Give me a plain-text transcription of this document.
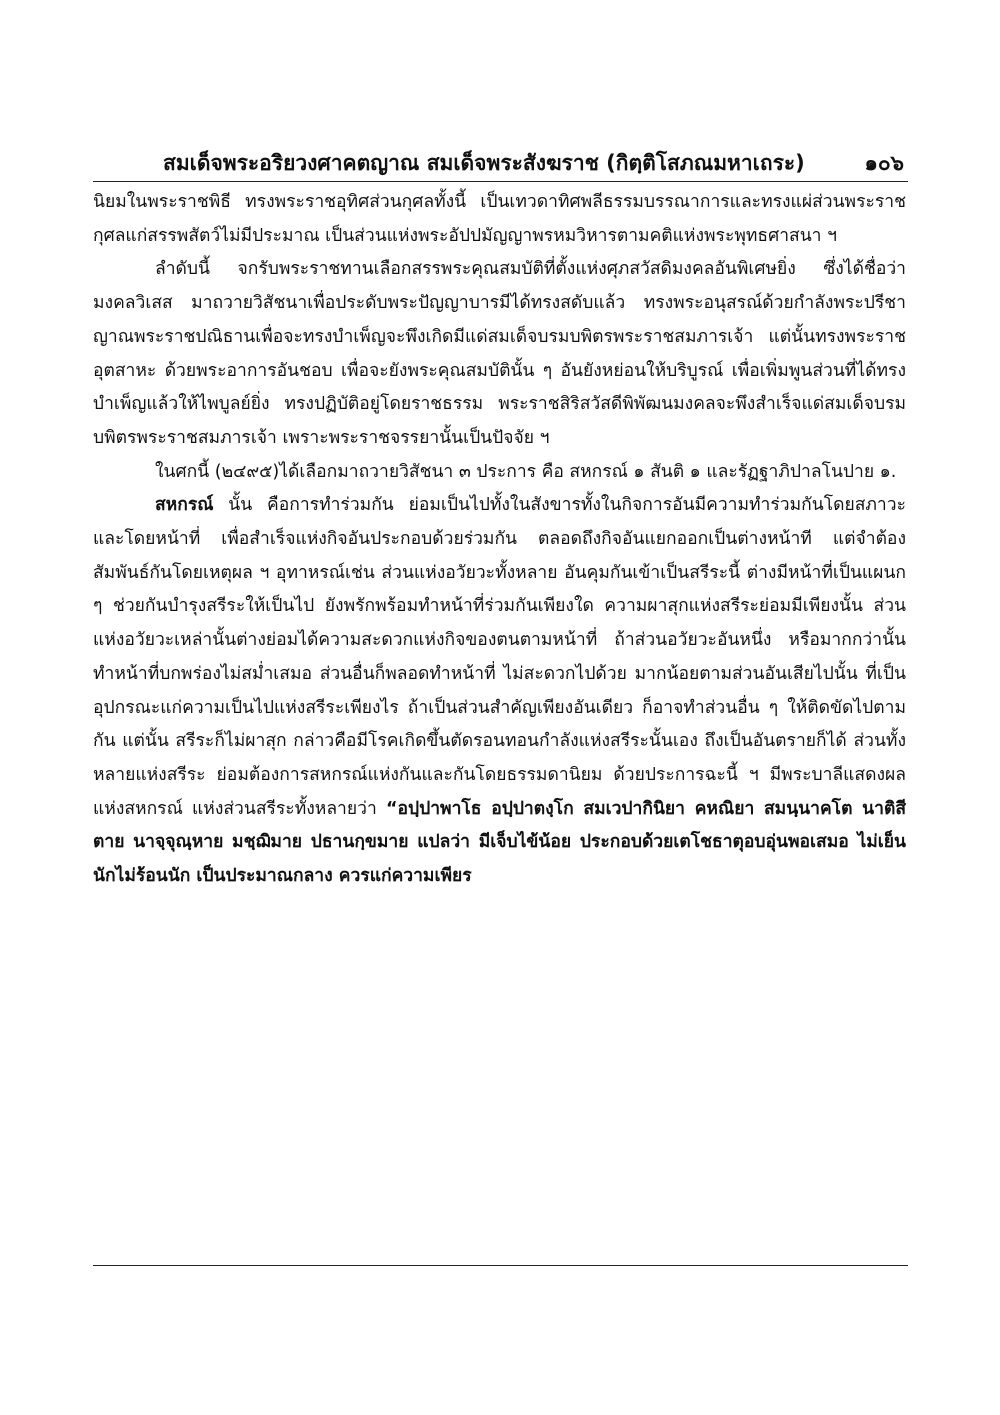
สมเด็จพระอริยวงศาคตญาณ สมเด็จพระสังฆราช (กิตฺติโสภณมหาเถระ)	๑๐๖

นิยมในพระราชพิธี ทรงพระราชอุทิศส่วนกุศลทั้งนี้ เป็นเทวดาทิศพลีธรรมบรรณาการและทรงแผ่ส่วนพระราชกุศลแก่สรรพสัตว์ไม่มีประมาณ เป็นส่วนแห่งพระอัปปมัญญาพรหมวิหารตามคติแห่งพระพุทธศาสนา ฯ

ลำดับนี้ จกรับพระราชทานเลือกสรรพระคุณสมบัติที่ตั้งแห่งศุภสวัสดิมงคลอันพิเศษยิ่ง ซึ่งได้ชื่อว่า มงคลวิเสส มาถวายวิสัชนาเพื่อประดับพระปัญญาบารมีได้ทรงสดับแล้ว ทรงพระอนุสรณ์ด้วยกำลังพระปรีชาญาณพระราชปณิธานเพื่อจะทรงบำเพ็ญจะพึงเกิดมีแด่สมเด็จบรมบพิตรพระราชสมภารเจ้า แต่นั้นทรงพระราชอุตสาหะ ด้วยพระอาการอันชอบ เพื่อจะยังพระคุณสมบัตินั้น ๆ อันยังหย่อนให้บริบูรณ์ เพื่อเพิ่มพูนส่วนที่ได้ทรงบำเพ็ญแล้วให้ไพบูลย์ยิ่ง ทรงปฏิบัติอยู่โดยราชธรรม พระราชสิริสวัสดีพิพัฒนมงคลจะพึงสำเร็จแด่สมเด็จบรมบพิตรพระราชสมภารเจ้า เพราะพระราชจรรยานั้นเป็นปัจจัย ฯ

ในศกนี้ (๒๔๙๕)ได้เลือกมาถวายวิสัชนา ๓ ประการ คือ สหกรณ์ ๑ สันติ ๑ และรัฏฐาภิปาลโนปาย ๑.

สหกรณ์ นั้น คือการทำร่วมกัน ย่อมเป็นไปทั้งในสังขารทั้งในกิจการอันมีความทำร่วมกันโดยสภาวะและโดยหน้าที่ เพื่อสำเร็จแห่งกิจอันประกอบด้วยร่วมกัน ตลอดถึงกิจอันแยกออกเป็นต่างหน้าที แต่จำต้องสัมพันธ์กันโดยเหตุผล ฯ อุทาหรณ์เช่น ส่วนแห่งอวัยวะทั้งหลาย อันคุมกันเข้าเป็นสรีระนี้ ต่างมีหน้าที่เป็นแผนก ๆ ช่วยกันบำรุงสรีระให้เป็นไป ยังพรักพร้อมทำหน้าที่ร่วมกันเพียงใด ความผาสุกแห่งสรีระย่อมมีเพียงนั้น ส่วนแห่งอวัยวะเหล่านั้นต่างย่อมได้ความสะดวกแห่งกิจของตนตามหน้าที่ ถ้าส่วนอวัยวะอันหนึ่ง หรือมากกว่านั้น ทำหน้าที่บกพร่องไม่สม่ำเสมอ ส่วนอื่นก็พลอดทำหน้าที่ ไม่สะดวกไปด้วย มากน้อยตามส่วนอันเสียไปนั้น ที่เป็นอุปกรณะแก่ความเป็นไปแห่งสรีระเพียงไร ถ้าเป็นส่วนสำคัญเพียงอันเดียว ก็อาจทำส่วนอื่น ๆ ให้ติดขัดไปตามกัน แต่นั้น สรีระก็ไม่ผาสุก กล่าวคือมีโรคเกิดขึ้นตัดรอนทอนกำลังแห่งสรีระนั้นเอง ถึงเป็นอันตรายก็ได้ ส่วนทั้งหลายแห่งสรีระ ย่อมต้องการสหกรณ์แห่งกันและกันโดยธรรมดานิยม ด้วยประการฉะนี้ ฯ มีพระบาลีแสดงผลแห่งสหกรณ์ แห่งส่วนสรีระทั้งหลายว่า “อปฺปาพาโธ อปฺปาตงฺโก สมเวปากินิยา คหณิยา สมนฺนาคโต นาติสีตาย นาจฺจุณฺหาย มชฺฌิมาย ปธานกฺขมาย แปลว่า มีเจ็บไข้น้อย ประกอบด้วยเตโชธาตุอบอุ่นพอเสมอ ไม่เย็นนักไม่ร้อนนัก เป็นประมาณกลาง ควรแก่ความเพียร
